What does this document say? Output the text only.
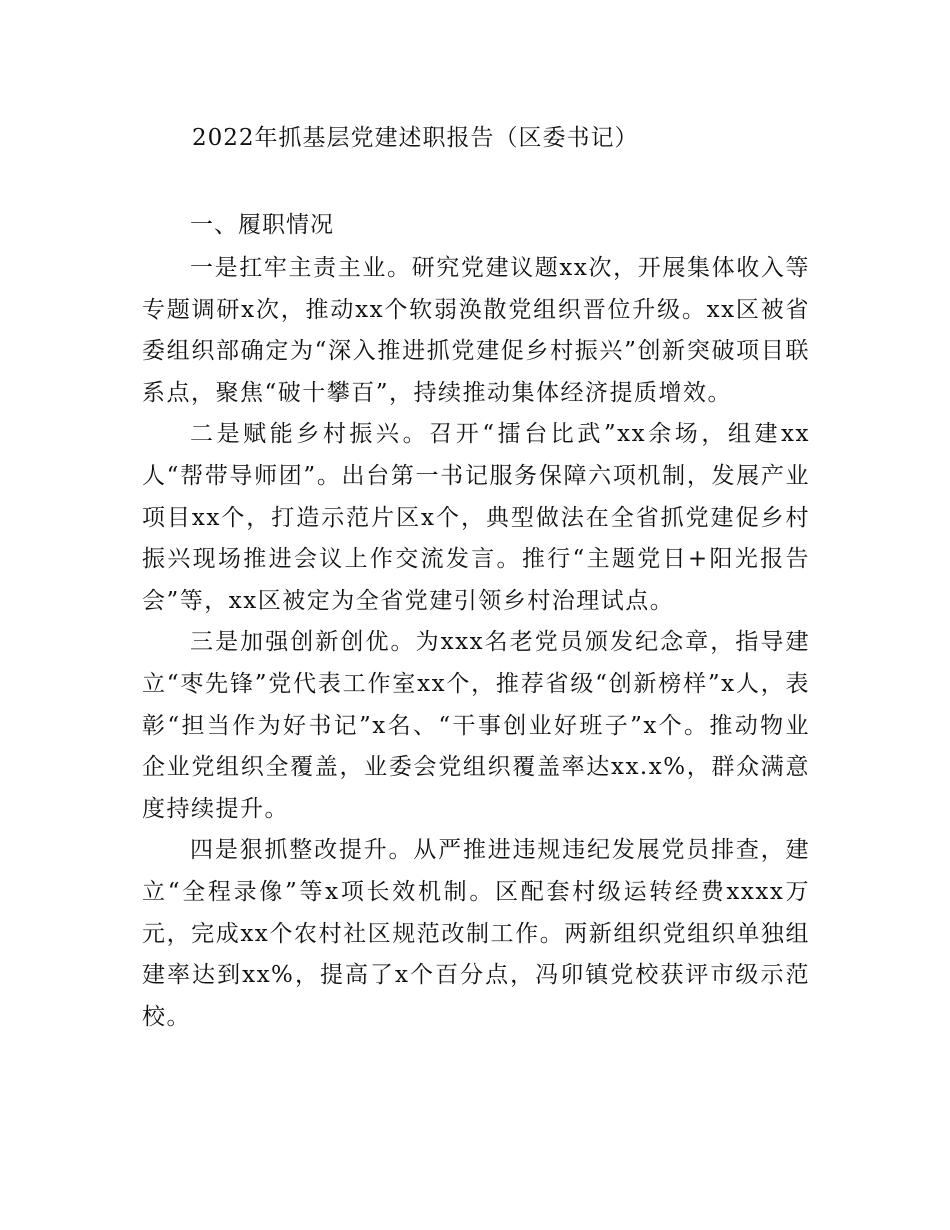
2022年抓基层党建述职报告（区委书记）
一、履职情况

一是扛牢主责主业。研究党建议题xx次，开展集体收入等专题调研x次，推动xx个软弱涣散党组织晋位升级。xx区被省委组织部确定为“深入推进抓党建促乡村振兴”创新突破项目联系点，聚焦“破十攀百”，持续推动集体经济提质增效。

二是赋能乡村振兴。召开“擂台比武”xx余场，组建xx人“帮带导师团”。出台第一书记服务保障六项机制，发展产业项目xx个，打造示范片区x个，典型做法在全省抓党建促乡村振兴现场推进会议上作交流发言。推行“主题党日+阳光报告会”等，xx区被定为全省党建引领乡村治理试点。

三是加强创新创优。为xxx名老党员颁发纪念章，指导建立“枣先锋”党代表工作室xx个，推荐省级“创新榜样”x人，表彰“担当作为好书记”x名、“干事创业好班子”x个。推动物业企业党组织全覆盖，业委会党组织覆盖率达xx.x%，群众满意度持续提升。

四是狠抓整改提升。从严推进违规违纪发展党员排查，建立“全程录像”等x项长效机制。区配套村级运转经费xxxx万元，完成xx个农村社区规范改制工作。两新组织党组织单独组建率达到xx%，提高了x个百分点，冯卯镇党校获评市级示范校。
